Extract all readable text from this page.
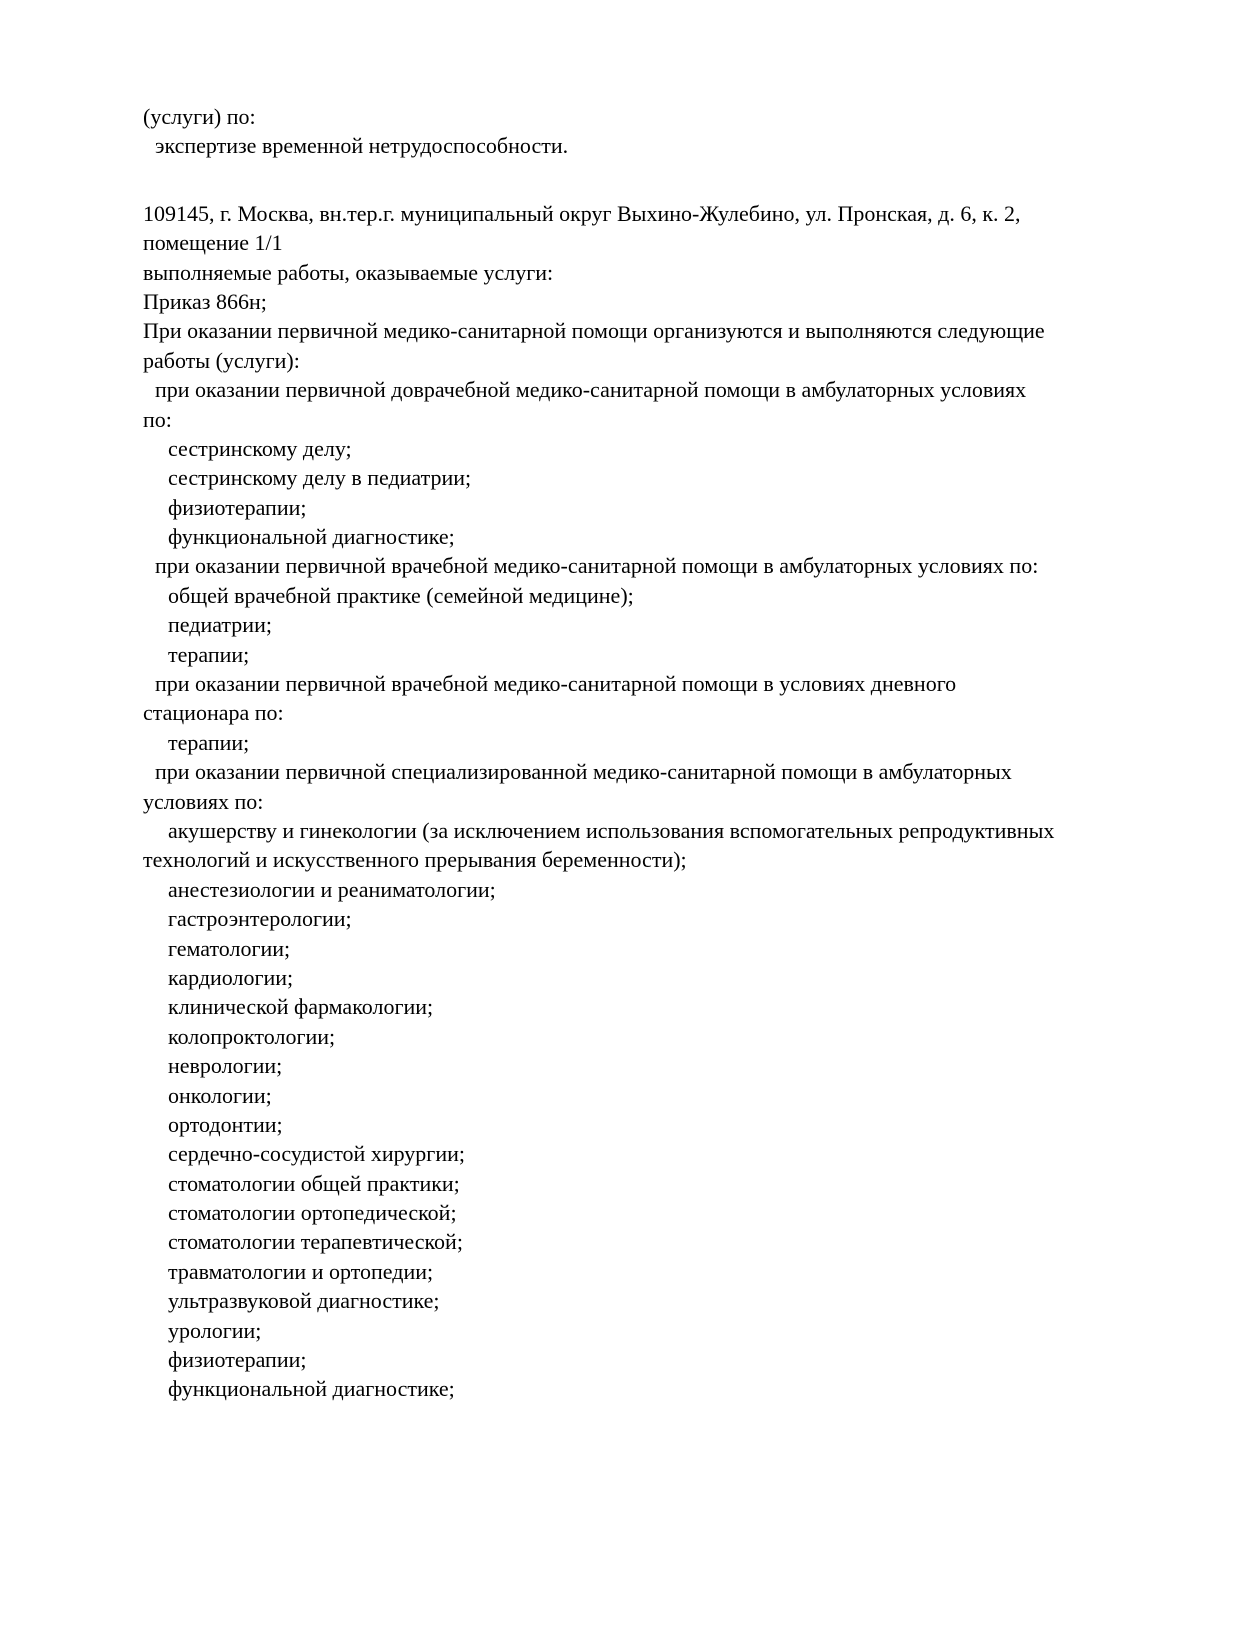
(услуги) по:
экспертизе временной нетрудоспособности.
109145, г. Москва, вн.тер.г. муниципальный округ Выхино-Жулебино, ул. Пронская, д. 6, к. 2,
помещение 1/1
выполняемые работы, оказываемые услуги:
Приказ 866н;
При оказании первичной медико-санитарной помощи организуются и выполняются следующие
работы (услуги):
при оказании первичной доврачебной медико-санитарной помощи в амбулаторных условиях
по:
сестринскому делу;
сестринскому делу в педиатрии;
физиотерапии;
функциональной диагностике;
при оказании первичной врачебной медико-санитарной помощи в амбулаторных условиях по:
общей врачебной практике (семейной медицине);
педиатрии;
терапии;
при оказании первичной врачебной медико-санитарной помощи в условиях дневного
стационара по:
терапии;
при оказании первичной специализированной медико-санитарной помощи в амбулаторных
условиях по:
акушерству и гинекологии (за исключением использования вспомогательных репродуктивных
технологий и искусственного прерывания беременности);
анестезиологии и реаниматологии;
гастроэнтерологии;
гематологии;
кардиологии;
клинической фармакологии;
колопроктологии;
неврологии;
онкологии;
ортодонтии;
сердечно-сосудистой хирургии;
стоматологии общей практики;
стоматологии ортопедической;
стоматологии терапевтической;
травматологии и ортопедии;
ультразвуковой диагностике;
урологии;
физиотерапии;
функциональной диагностике;
